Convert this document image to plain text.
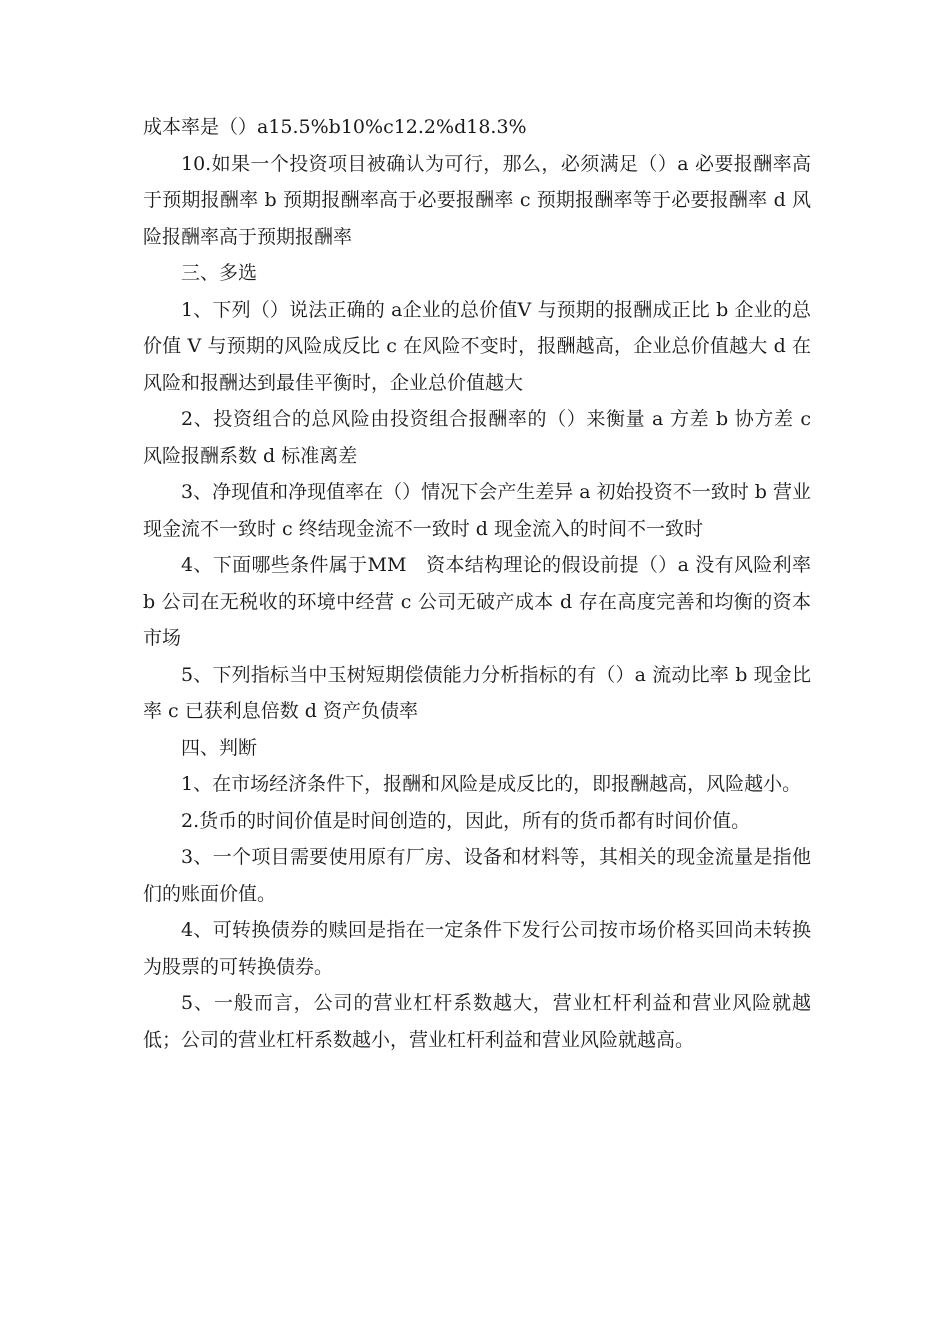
成本率是（）a15.5%b10%c12.2%d18.3%

10.如果一个投资项目被确认为可行，那么，必须满足（）a 必要报酬率高于预期报酬率 b 预期报酬率高于必要报酬率 c 预期报酬率等于必要报酬率 d 风险报酬率高于预期报酬率

三、多选

1、下列（）说法正确的 a企业的总价值V 与预期的报酬成正比 b 企业的总价值 V 与预期的风险成反比 c 在风险不变时，报酬越高，企业总价值越大 d 在风险和报酬达到最佳平衡时，企业总价值越大

2、投资组合的总风险由投资组合报酬率的（）来衡量 a 方差 b 协方差 c 风险报酬系数 d 标准离差

3、净现值和净现值率在（）情况下会产生差异 a 初始投资不一致时 b 营业现金流不一致时 c 终结现金流不一致时 d 现金流入的时间不一致时

4、下面哪些条件属于MM　资本结构理论的假设前提（）a 没有风险利率 b 公司在无税收的环境中经营 c 公司无破产成本 d 存在高度完善和均衡的资本市场

5、下列指标当中玉树短期偿债能力分析指标的有（）a 流动比率 b 现金比率 c 已获利息倍数 d 资产负债率

四、判断

1、在市场经济条件下，报酬和风险是成反比的，即报酬越高，风险越小。

2.货币的时间价值是时间创造的，因此，所有的货币都有时间价值。

3、一个项目需要使用原有厂房、设备和材料等，其相关的现金流量是指他们的账面价值。

4、可转换债券的赎回是指在一定条件下发行公司按市场价格买回尚未转换为股票的可转换债券。

5、一般而言，公司的营业杠杆系数越大，营业杠杆利益和营业风险就越低；公司的营业杠杆系数越小，营业杠杆利益和营业风险就越高。
